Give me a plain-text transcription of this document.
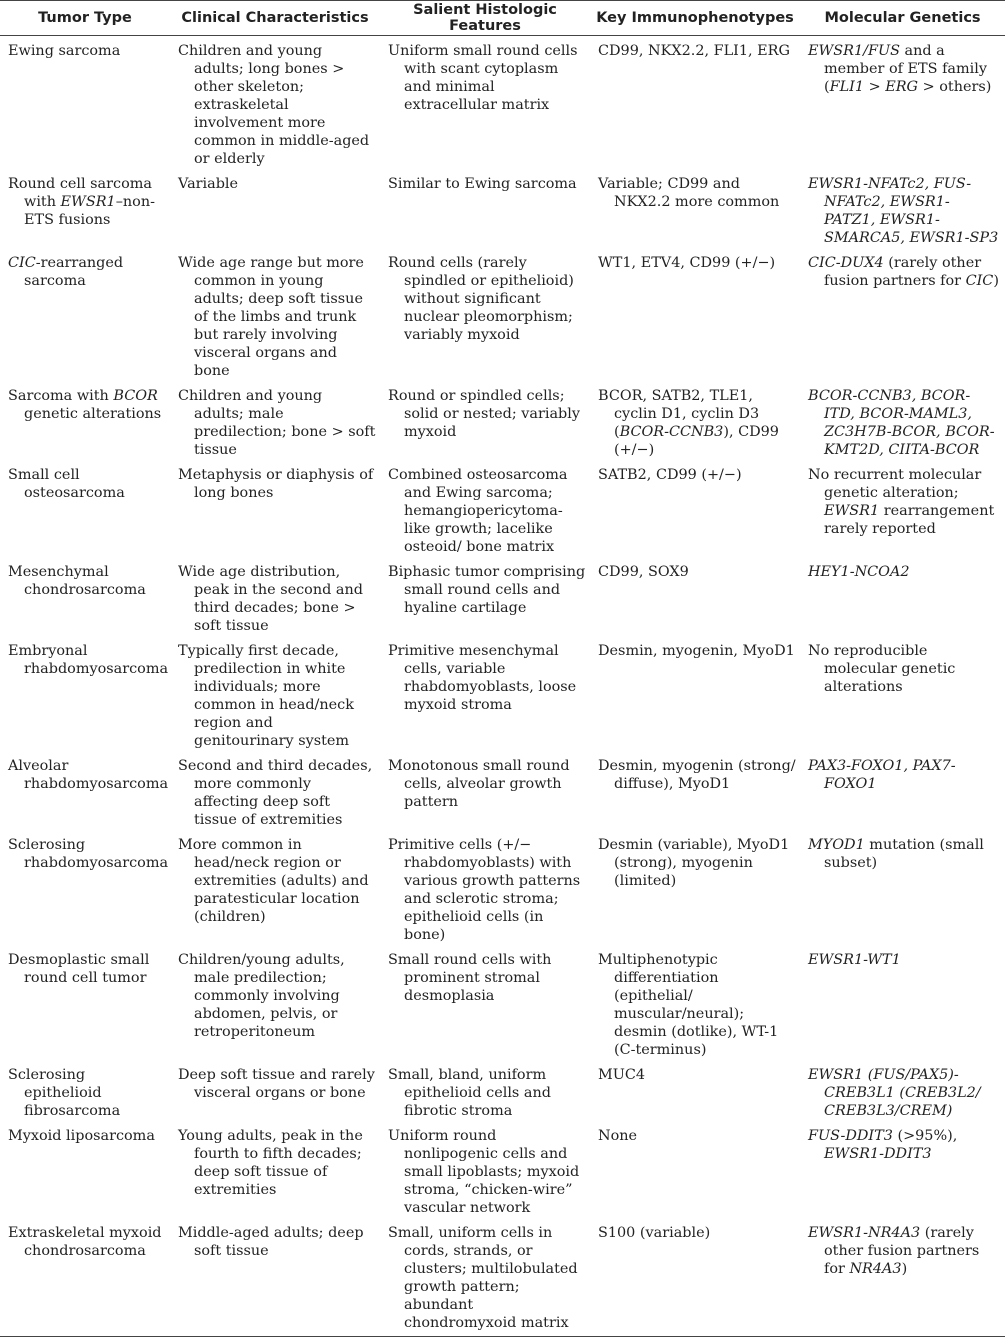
Tumor Type	Clinical Characteristics	Salient Histologic Features	Key Immunophenotypes	Molecular Genetics

Ewing sarcoma	Children and young adults; long bones > other skeleton; extraskeletal involvement more common in middle-aged or elderly	Uniform small round cells with scant cytoplasm and minimal extracellular matrix	CD99, NKX2.2, FLI1, ERG	EWSR1/FUS and a member of ETS family (FLI1 > ERG > others)

Round cell sarcoma with EWSR1–non-ETS fusions	Variable	Similar to Ewing sarcoma	Variable; CD99 and NKX2.2 more common	EWSR1-NFATc2, FUS-NFATc2, EWSR1-PATZ1, EWSR1-SMARCA5, EWSR1-SP3

CIC-rearranged sarcoma	Wide age range but more common in young adults; deep soft tissue of the limbs and trunk but rarely involving visceral organs and bone	Round cells (rarely spindled or epithelioid) without significant nuclear pleomorphism; variably myxoid	WT1, ETV4, CD99 (+/−)	CIC-DUX4 (rarely other fusion partners for CIC)

Sarcoma with BCOR genetic alterations	Children and young adults; male predilection; bone > soft tissue	Round or spindled cells; solid or nested; variably myxoid	BCOR, SATB2, TLE1, cyclin D1, cyclin D3 (BCOR-CCNB3), CD99 (+/−)	BCOR-CCNB3, BCOR-ITD, BCOR-MAML3, ZC3H7B-BCOR, BCOR-KMT2D, CIITA-BCOR

Small cell osteosarcoma	Metaphysis or diaphysis of long bones	Combined osteosarcoma and Ewing sarcoma; hemangiopericytoma-like growth; lacelike osteoid/ bone matrix	SATB2, CD99 (+/−)	No recurrent molecular genetic alteration; EWSR1 rearrangement rarely reported

Mesenchymal chondrosarcoma	Wide age distribution, peak in the second and third decades; bone > soft tissue	Biphasic tumor comprising small round cells and hyaline cartilage	CD99, SOX9	HEY1-NCOA2

Embryonal rhabdomyosarcoma	Typically first decade, predilection in white individuals; more common in head/neck region and genitourinary system	Primitive mesenchymal cells, variable rhabdomyoblasts, loose myxoid stroma	Desmin, myogenin, MyoD1	No reproducible molecular genetic alterations

Alveolar rhabdomyosarcoma	Second and third decades, more commonly affecting deep soft tissue of extremities	Monotonous small round cells, alveolar growth pattern	Desmin, myogenin (strong/ diffuse), MyoD1	PAX3-FOXO1, PAX7-FOXO1

Sclerosing rhabdomyosarcoma	More common in head/neck region or extremities (adults) and paratesticular location (children)	Primitive cells (+/− rhabdomyoblasts) with various growth patterns and sclerotic stroma; epithelioid cells (in bone)	Desmin (variable), MyoD1 (strong), myogenin (limited)	MYOD1 mutation (small subset)

Desmoplastic small round cell tumor	Children/young adults, male predilection; commonly involving abdomen, pelvis, or retroperitoneum	Small round cells with prominent stromal desmoplasia	Multiphenotypic differentiation (epithelial/ muscular/neural); desmin (dotlike), WT-1 (C-terminus)	EWSR1-WT1

Sclerosing epithelioid fibrosarcoma	Deep soft tissue and rarely visceral organs or bone	Small, bland, uniform epithelioid cells and fibrotic stroma	MUC4	EWSR1 (FUS/PAX5)-CREB3L1 (CREB3L2/ CREB3L3/CREM)

Myxoid liposarcoma	Young adults, peak in the fourth to fifth decades; deep soft tissue of extremities	Uniform round nonlipogenic cells and small lipoblasts; myxoid stroma, “chicken-wire” vascular network	None	FUS-DDIT3 (>95%), EWSR1-DDIT3

Extraskeletal myxoid chondrosarcoma	Middle-aged adults; deep soft tissue	Small, uniform cells in cords, strands, or clusters; multilobulated growth pattern; abundant chondromyxoid matrix	S100 (variable)	EWSR1-NR4A3 (rarely other fusion partners for NR4A3)
